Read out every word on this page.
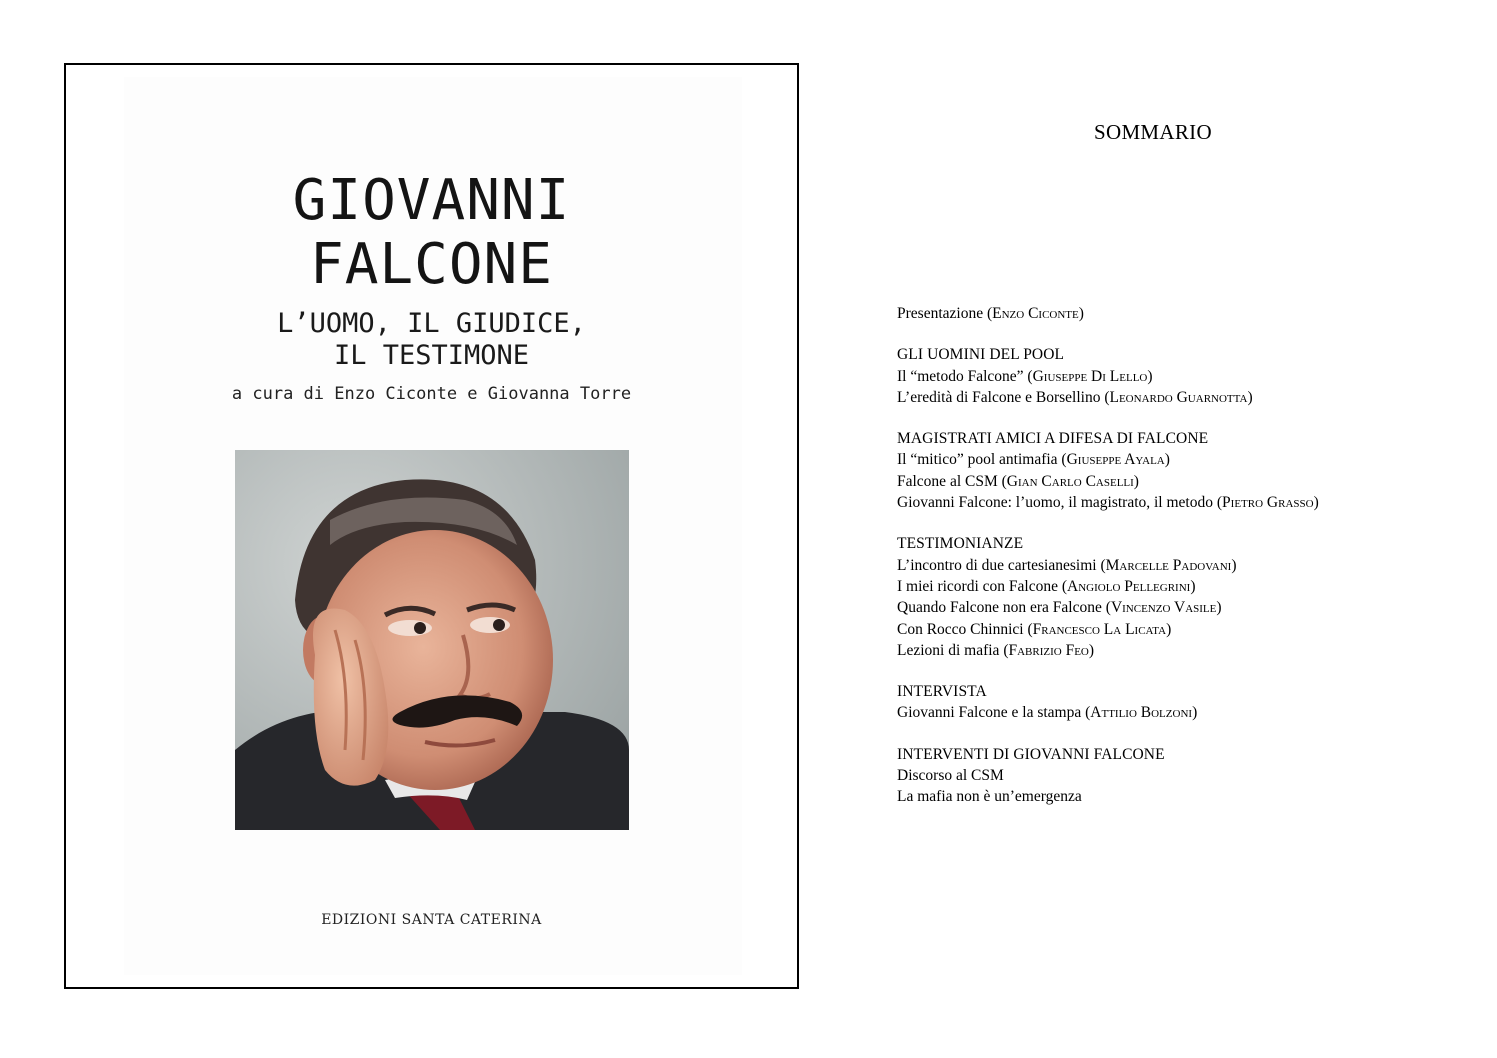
GIOVANNI
FALCONE
L’UOMO, IL GIUDICE,
IL TESTIMONE
a cura di Enzo Ciconte e Giovanna Torre
EDIZIONI SANTA CATERINA
SOMMARIO
Presentazione (Enzo Ciconte)
GLI UOMINI DEL POOL
Il “metodo Falcone” (Giuseppe Di Lello)
L’eredità di Falcone e Borsellino (Leonardo Guarnotta)
MAGISTRATI AMICI A DIFESA DI FALCONE
Il “mitico” pool antimafia (Giuseppe Ayala)
Falcone al CSM (Gian Carlo Caselli)
Giovanni Falcone: l’uomo, il magistrato, il metodo (Pietro Grasso)
TESTIMONIANZE
L’incontro di due cartesianesimi (Marcelle Padovani)
I miei ricordi con Falcone (Angiolo Pellegrini)
Quando Falcone non era Falcone (Vincenzo Vasile)
Con Rocco Chinnici (Francesco La Licata)
Lezioni di mafia (Fabrizio Feo)
INTERVISTA
Giovanni Falcone e la stampa (Attilio Bolzoni)
INTERVENTI DI GIOVANNI FALCONE
Discorso al CSM
La mafia non è un’emergenza
